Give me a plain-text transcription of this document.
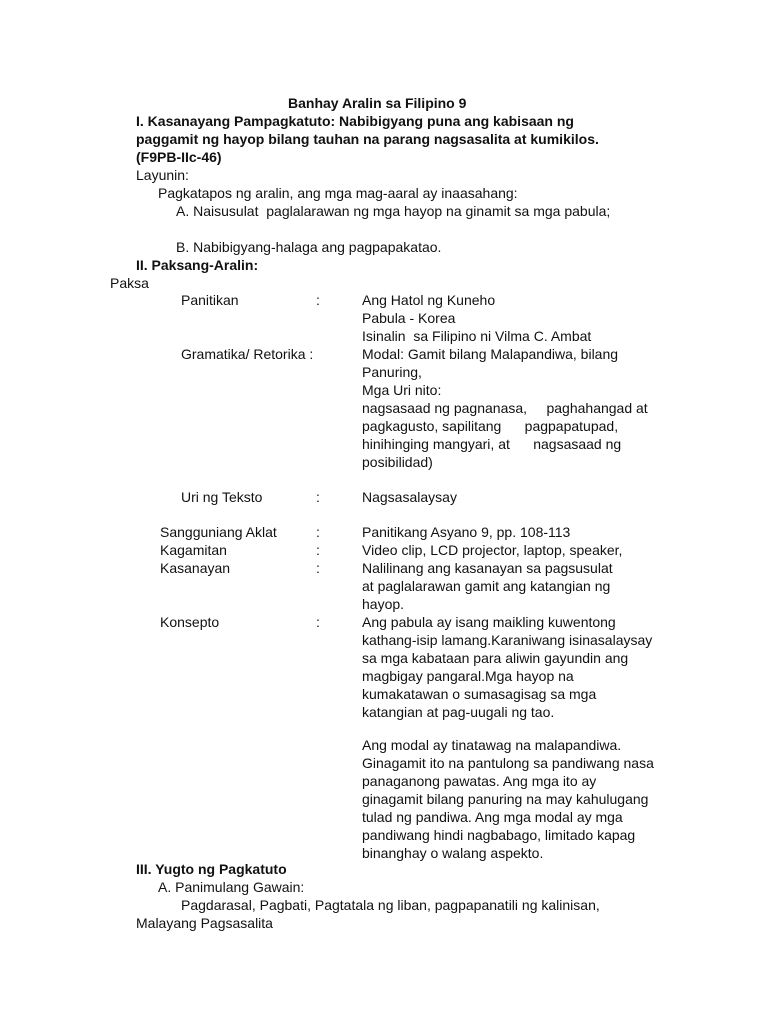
Banhay Aralin sa Filipino 9
I. Kasanayang Pampagkatuto: Nabibigyang puna ang kabisaan ng
paggamit ng hayop bilang tauhan na parang nagsasalita at kumikilos.
(F9PB-IIc-46)
Layunin:
Pagkatapos ng aralin, ang mga mag-aaral ay inaasahang:
A. Naisusulat  paglalarawan ng mga hayop na ginamit sa mga pabula;
B. Nabibigyang-halaga ang pagpapakatao.
II. Paksang-Aralin:
Paksa
Panitikan	:	Ang Hatol ng Kuneho
Pabula - Korea
Isinalin  sa Filipino ni Vilma C. Ambat
Gramatika/ Retorika :	Modal: Gamit bilang Malapandiwa, bilang
Panuring,
Mga Uri nito:
nagsasaad ng pagnanasa,     paghahangad at
pagkagusto, sapilitang      pagpapatupad,
hinihinging mangyari, at      nagsasaad ng
posibilidad)
Uri ng Teksto	:	Nagsasalaysay
Sangguniang Aklat	:	Panitikang Asyano 9, pp. 108-113
Kagamitan	:	Video clip, LCD projector, laptop, speaker,
Kasanayan	:	Nalilinang ang kasanayan sa pagsusulat
at paglalarawan gamit ang katangian ng
hayop.
Konsepto	:	Ang pabula ay isang maikling kuwentong
kathang-isip lamang.Karaniwang isinasalaysay
sa mga kabataan para aliwin gayundin ang
magbigay pangaral.Mga hayop na
kumakatawan o sumasagisag sa mga
katangian at pag-uugali ng tao.
Ang modal ay tinatawag na malapandiwa.
Ginagamit ito na pantulong sa pandiwang nasa
panaganong pawatas. Ang mga ito ay
ginagamit bilang panuring na may kahulugang
tulad ng pandiwa. Ang mga modal ay mga
pandiwang hindi nagbabago, limitado kapag
binanghay o walang aspekto.
III. Yugto ng Pagkatuto
A. Panimulang Gawain:
Pagdarasal, Pagbati, Pagtatala ng liban, pagpapanatili ng kalinisan,
Malayang Pagsasalita
